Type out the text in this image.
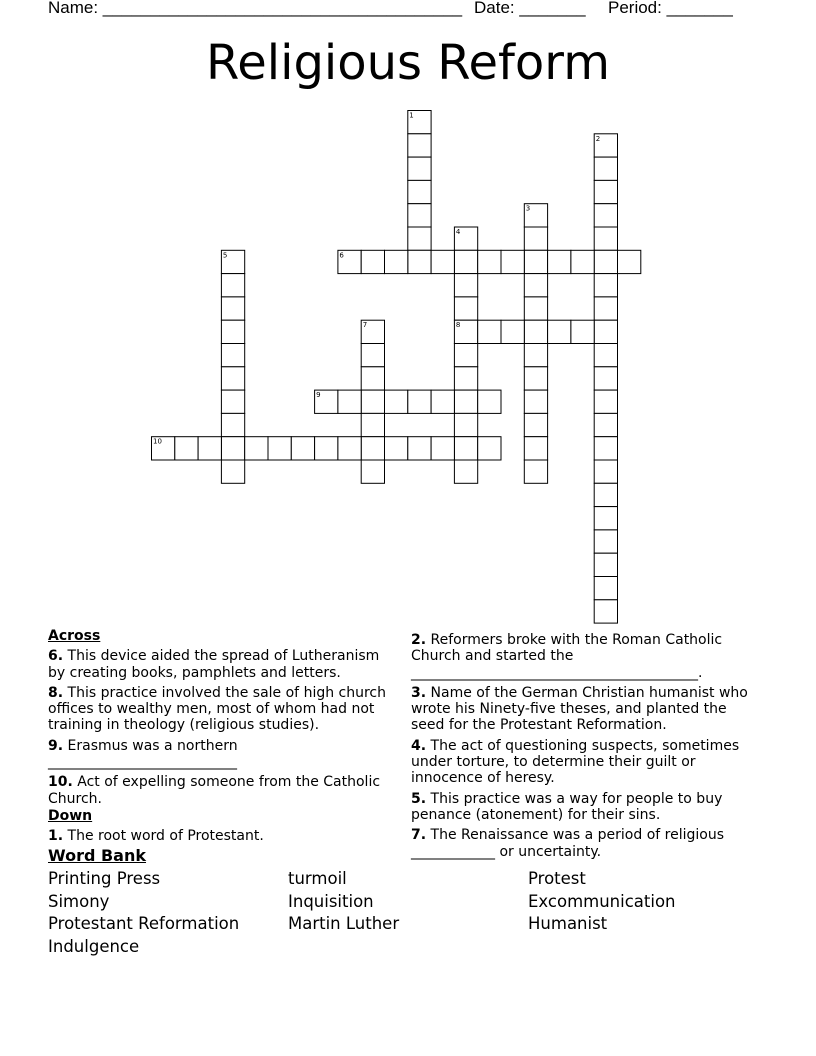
Name: ______________________________________ Date: _______ Period: _______
Religious Reform
1
2
3
4
5	6
7	8
9
10
Across
6. This device aided the spread of Lutheranism by creating books, pamphlets and letters.
8. This practice involved the sale of high church offices to wealthy men, most of whom had not training in theology (religious studies).
9. Erasmus was a northern ___________________________
10. Act of expelling someone from the Catholic Church.
Down
1. The root word of Protestant.
2. Reformers broke with the Roman Catholic Church and started the _________________________________________.
3. Name of the German Christian humanist who wrote his Ninety-five theses, and planted the seed for the Protestant Reformation.
4. The act of questioning suspects, sometimes under torture, to determine their guilt or innocence of heresy.
5. This practice was a way for people to buy penance (atonement) for their sins.
7. The Renaissance was a period of religious ____________ or uncertainty.
Word Bank
Printing Press
Simony
Protestant Reformation
Indulgence
turmoil
Inquisition
Martin Luther
Protest
Excommunication
Humanist
